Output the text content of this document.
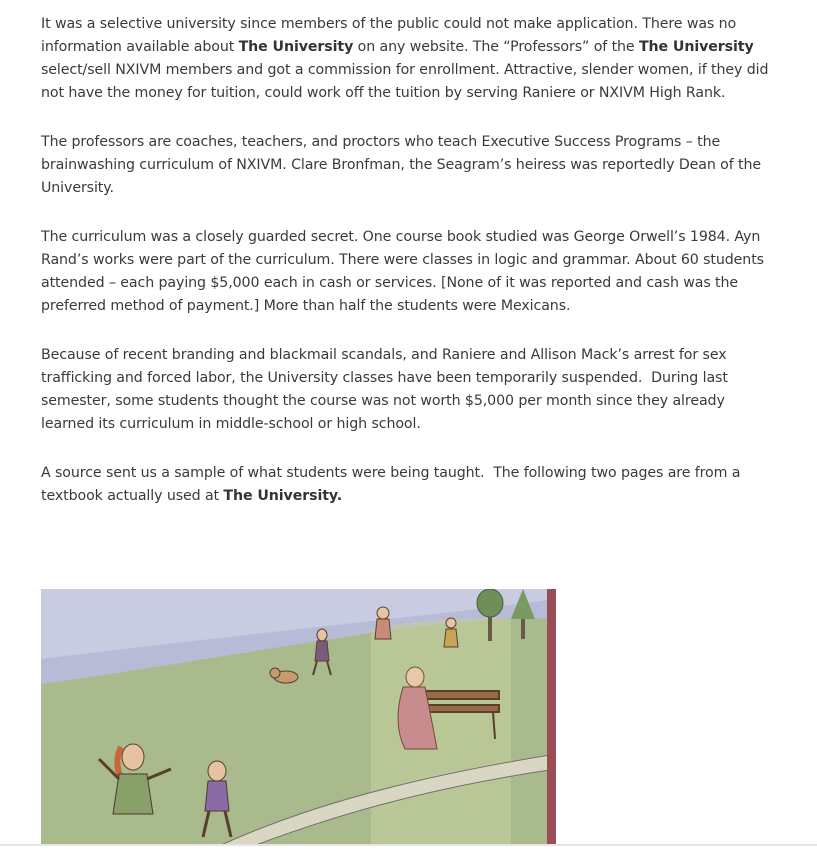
It was a selective university since members of the public could not make application. There was no information available about The University on any website. The “Professors” of the The University select/sell NXIVM members and got a commission for enrollment. Attractive, slender women, if they did not have the money for tuition, could work off the tuition by serving Raniere or NXIVM High Rank.

The professors are coaches, teachers, and proctors who teach Executive Success Programs – the brainwashing curriculum of NXIVM. Clare Bronfman, the Seagram’s heiress was reportedly Dean of the University.

The curriculum was a closely guarded secret. One course book studied was George Orwell’s 1984. Ayn Rand’s works were part of the curriculum. There were classes in logic and grammar. About 60 students attended – each paying $5,000 each in cash or services. [None of it was reported and cash was the preferred method of payment.] More than half the students were Mexicans.

Because of recent branding and blackmail scandals, and Raniere and Allison Mack’s arrest for sex trafficking and forced labor, the University classes have been temporarily suspended.  During last semester, some students thought the course was not worth $5,000 per month since they already learned its curriculum in middle-school or high school.

A source sent us a sample of what students were being taught.  The following two pages are from a textbook actually used at The University.
